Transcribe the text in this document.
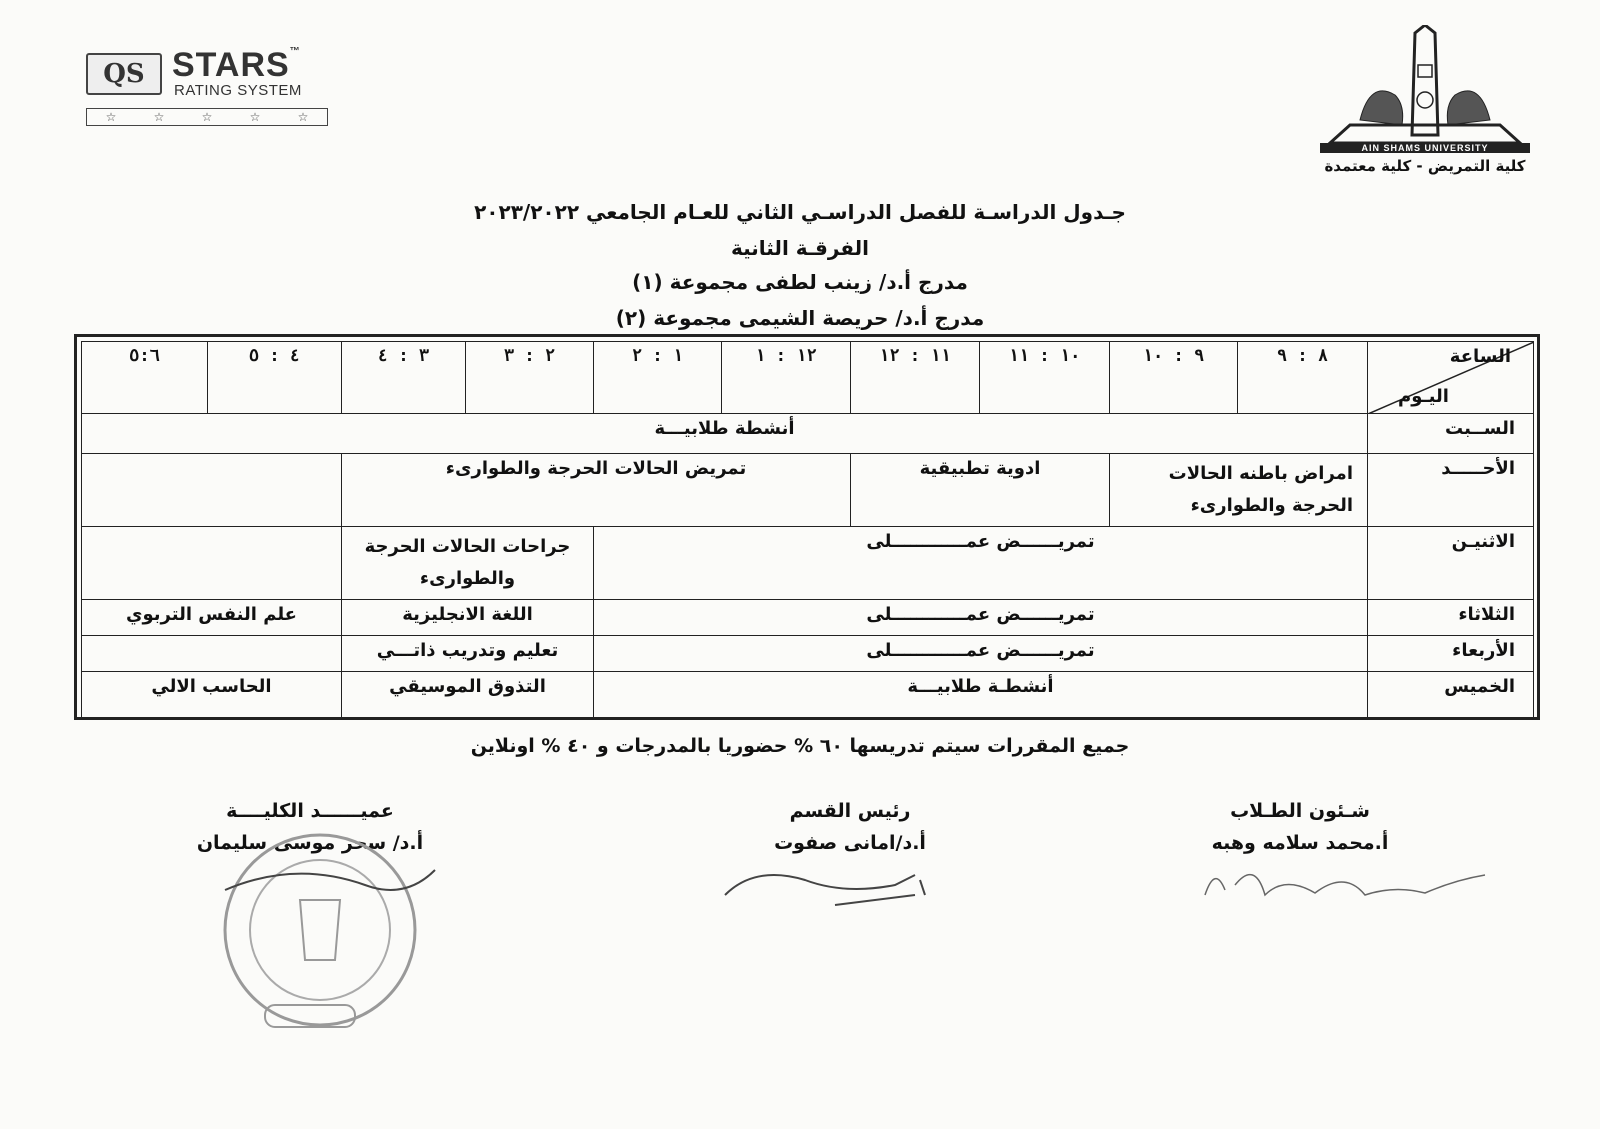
QS STARS™
RATING SYSTEM
☆	☆	☆	☆	☆
AIN SHAMS UNIVERSITY
كلية التمريض - كلية معتمدة
جـدول الدراسـة للفصل الدراسـي الثاني للعـام الجامعي ٢٠٢٣/٢٠٢٢
الفرقـة الثانية
مدرج أ.د/ زينب لطفى مجموعة (١)
مدرج أ.د/ حريصة الشيمى مجموعة (٢)
الساعة
اليـوم	٨ : ٩	٩ : ١٠	١٠ : ١١	١١ : ١٢	١٢ : ١	١ : ٢	٢ : ٣	٣ : ٤	٤ : ٥	٥:٦
الســبت	أنشطة طلابيـــة									
الأحـــــد	امراض باطنه الحالات الحرجة والطوارىء		ادوية تطبيقية		تمريض الحالات الحرجة والطوارىء					
الاثنيـن	تمريــــــض عمــــــــــــلى						جراحات الحالات الحرجة والطوارىء			
الثلاثاء	تمريــــــض عمــــــــــــلى						اللغة الانجليزية		علم النفس التربوي	
الأربعاء	تمريــــــض عمــــــــــــلى						تعليم وتدريب ذاتـــي			
الخميس	أنشطـة طلابيـــة						التذوق الموسيقي		الحاسب الالي	
جميع المقررات سيتم تدريسها ٦٠ % حضوريا بالمدرجات و ٤٠ % اونلاين
عميــــــد الكليــــة
أ.د/ سحر موسى سليمان
رئيس القسم
أ.د/امانى صفوت
شـئون الطـلاب
أ.محمد سلامه وهبه
